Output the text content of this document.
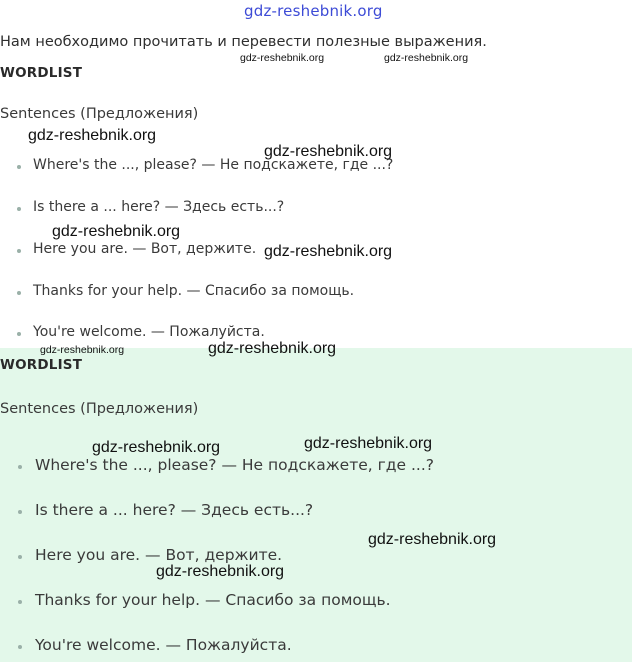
gdz-reshebnik.org
Нам необходимо прочитать и перевести полезные выражения.
WORDLIST
Sentences (Предложения)
Where's the ..., please? — Не подскажете, где ...?
Is there a ... here? — Здесь есть...?
Here you are. — Вот, держите.
Thanks for your help. — Спасибо за помощь.
You're welcome. — Пожалуйста.
WORDLIST
Sentences (Предложения)
Where's the ..., please? — Не подскажете, где ...?
Is there a ... here? — Здесь есть...?
Here you are. — Вот, держите.
Thanks for your help. — Спасибо за помощь.
You're welcome. — Пожалуйста.
gdz-reshebnik.org	gdz-reshebnik.org
gdz-reshebnik.org
gdz-reshebnik.org
gdz-reshebnik.org
gdz-reshebnik.org
gdz-reshebnik.org	gdz-reshebnik.org
gdz-reshebnik.org	gdz-reshebnik.org
gdz-reshebnik.org
gdz-reshebnik.org
